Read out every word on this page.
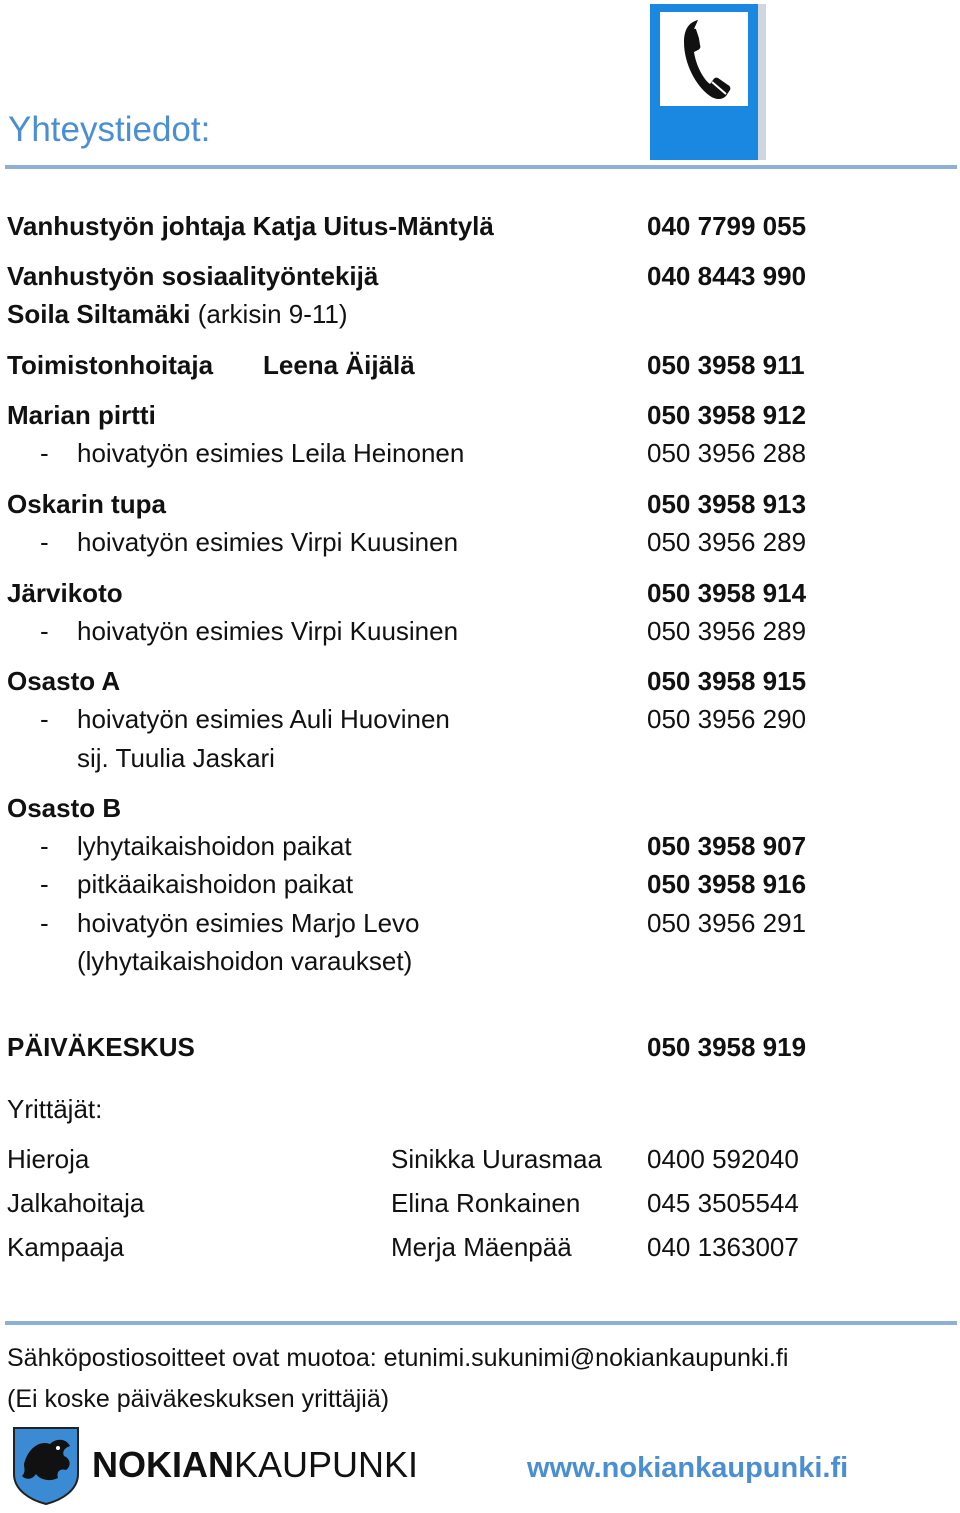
Yhteystiedot:
Vanhustyön johtaja Katja Uitus-Mäntylä	040 7799 055
Vanhustyön sosiaalityöntekijä	040 8443 990
Soila Siltamäki (arkisin 9-11)
Toimistonhoitaja Leena Äijälä	050 3958 911
Marian pirtti	050 3958 912
- hoivatyön esimies Leila Heinonen	050 3956 288
Oskarin tupa	050 3958 913
- hoivatyön esimies Virpi Kuusinen	050 3956 289
Järvikoto	050 3958 914
- hoivatyön esimies Virpi Kuusinen	050 3956 289
Osasto A	050 3958 915
- hoivatyön esimies Auli Huovinen	050 3956 290
sij. Tuulia Jaskari
Osasto B
- lyhytaikaishoidon paikat	050 3958 907
- pitkäaikaishoidon paikat	050 3958 916
- hoivatyön esimies Marjo Levo	050 3956 291
(lyhytaikaishoidon varaukset)
PÄIVÄKESKUS	050 3958 919
Yrittäjät:
Hieroja	Sinikka Uurasmaa 0400 592040
Jalkahoitaja	Elina Ronkainen	045 3505544
Kampaaja	Merja Mäenpää	040 1363007
Sähköpostiosoitteet ovat muotoa: etunimi.sukunimi@nokiankaupunki.fi
(Ei koske päiväkeskuksen yrittäjiä)
NOKIANKAUPUNKI	www.nokiankaupunki.fi
